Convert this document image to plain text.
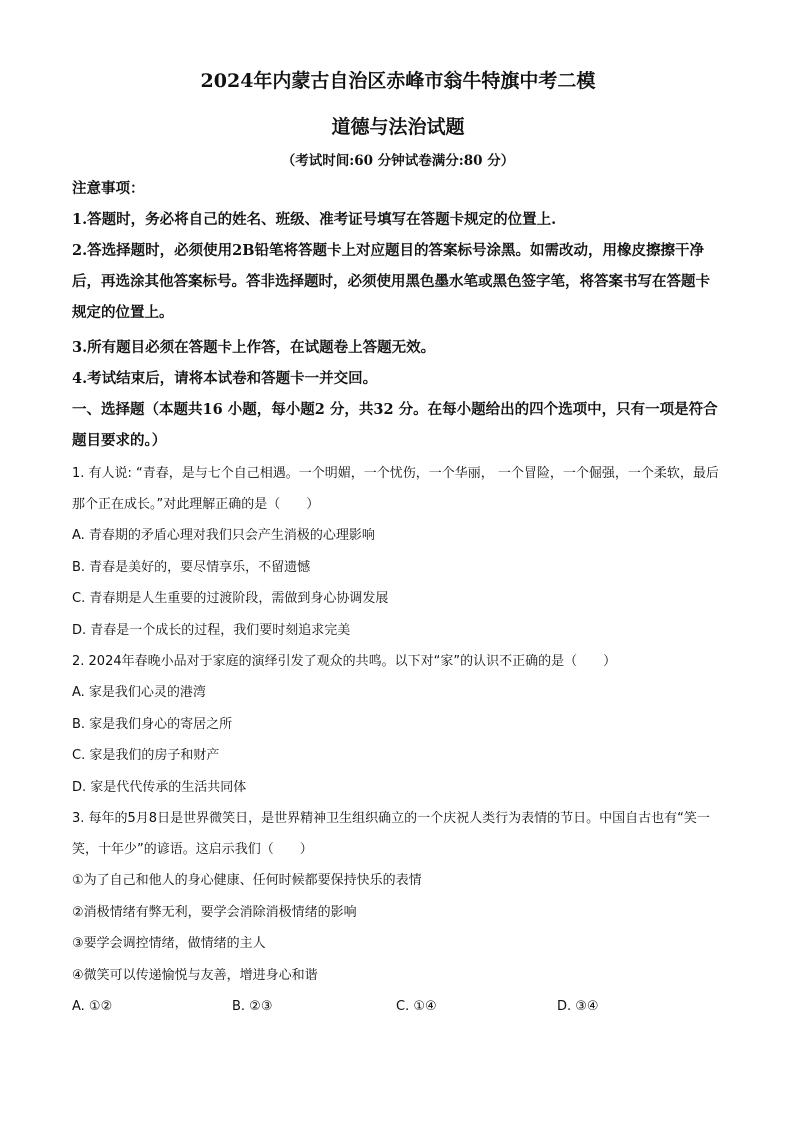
2024年内蒙古自治区赤峰市翁牛特旗中考二模
道德与法治试题
（考试时间:60 分钟试卷满分:80 分）
注意事项：
1.答题时，务必将自己的姓名、班级、准考证号填写在答题卡规定的位置上.
2.答选择题时，必须使用2B铅笔将答题卡上对应题目的答案标号涂黑。如需改动，用橡皮擦擦干净后，再选涂其他答案标号。答非选择题时，必须使用黑色墨水笔或黑色签字笔，将答案书写在答题卡规定的位置上。
3.所有题目必须在答题卡上作答，在试题卷上答题无效。
4.考试结束后，请将本试卷和答题卡一并交回。
一、选择题（本题共16 小题，每小题2 分，共32 分。在每小题给出的四个选项中，只有一项是符合题目要求的。）
1. 有人说: “青春，是与七个自己相遇。一个明媚，一个忧伤，一个华丽， 一个冒险，一个倔强，一个柔软，最后那个正在成长。”对此理解正确的是（　　）
A. 青春期的矛盾心理对我们只会产生消极的心理影响
B. 青春是美好的，要尽情享乐，不留遗憾
C. 青春期是人生重要的过渡阶段，需做到身心协调发展
D. 青春是一个成长的过程，我们要时刻追求完美
2. 2024年春晚小品对于家庭的演绎引发了观众的共鸣。以下对“家”的认识不正确的是（　　）
A. 家是我们心灵的港湾
B. 家是我们身心的寄居之所
C. 家是我们的房子和财产
D. 家是代代传承的生活共同体
3. 每年的5月8日是世界微笑日，是世界精神卫生组织确立的一个庆祝人类行为表情的节日。中国自古也有“笑一笑，十年少”的谚语。这启示我们（　　）
①为了自己和他人的身心健康、任何时候都要保持快乐的表情
②消极情绪有弊无利，要学会消除消极情绪的影响
③要学会调控情绪，做情绪的主人
④微笑可以传递愉悦与友善，增进身心和谐
A. ①②	B. ②③	C. ①④	D. ③④
